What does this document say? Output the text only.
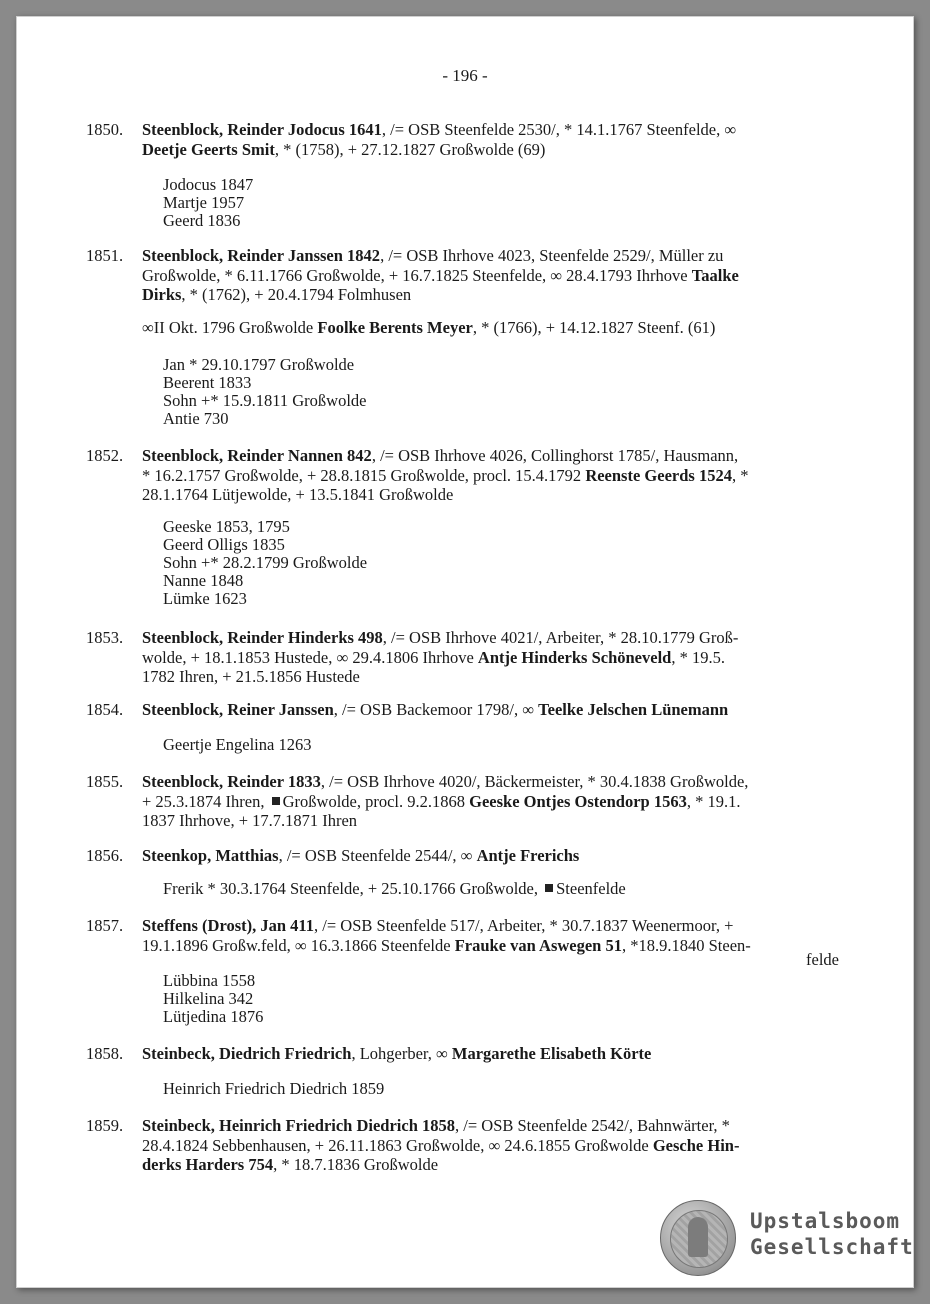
- 196 -
1850.	Steenblock, Reinder Jodocus 1641, /= OSB Steenfelde 2530/, * 14.1.1767 Steenfelde, ∞
Deetje Geerts Smit, * (1758), + 27.12.1827 Großwolde (69)
Jodocus 1847
Martje 1957
Geerd 1836
1851.	Steenblock, Reinder Janssen 1842, /= OSB Ihrhove 4023, Steenfelde 2529/, Müller zu
Großwolde, * 6.11.1766 Großwolde, + 16.7.1825 Steenfelde, ∞ 28.4.1793 Ihrhove Taalke
Dirks, * (1762), + 20.4.1794 Folmhusen
∞II Okt. 1796 Großwolde Foolke Berents Meyer, * (1766), + 14.12.1827 Steenf. (61)
Jan * 29.10.1797 Großwolde
Beerent 1833
Sohn +* 15.9.1811 Großwolde
Antie 730
1852.	Steenblock, Reinder Nannen 842, /= OSB Ihrhove 4026, Collinghorst 1785/, Hausmann,
* 16.2.1757 Großwolde, + 28.8.1815 Großwolde, procl. 15.4.1792 Reenste Geerds 1524, *
28.1.1764 Lütjewolde, + 13.5.1841 Großwolde
Geeske 1853, 1795
Geerd Olligs 1835
Sohn +* 28.2.1799 Großwolde
Nanne 1848
Lümke 1623
1853.	Steenblock, Reinder Hinderks 498, /= OSB Ihrhove 4021/, Arbeiter, * 28.10.1779 Groß-
wolde, + 18.1.1853 Hustede, ∞ 29.4.1806 Ihrhove Antje Hinderks Schöneveld, * 19.5.
1782 Ihren, + 21.5.1856 Hustede
1854.	Steenblock, Reiner Janssen, /= OSB Backemoor 1798/, ∞ Teelke Jelschen Lünemann
Geertje Engelina 1263
1855.	Steenblock, Reinder 1833, /= OSB Ihrhove 4020/, Bäckermeister, * 30.4.1838 Großwolde,
+ 25.3.1874 Ihren, Großwolde, procl. 9.2.1868 Geeske Ontjes Ostendorp 1563, * 19.1.
1837 Ihrhove, + 17.7.1871 Ihren
1856.	Steenkop, Matthias, /= OSB Steenfelde 2544/, ∞ Antje Frerichs
Frerik * 30.3.1764 Steenfelde, + 25.10.1766 Großwolde, Steenfelde
1857.	Steffens (Drost), Jan 411, /= OSB Steenfelde 517/, Arbeiter, * 30.7.1837 Weenermoor, +
19.1.1896 Großw.feld, ∞ 16.3.1866 Steenfelde Frauke van Aswegen 51, *18.9.1840 Steen-
felde
Lübbina 1558
Hilkelina 342
Lütjedina 1876
1858.	Steinbeck, Diedrich Friedrich, Lohgerber, ∞ Margarethe Elisabeth Körte
Heinrich Friedrich Diedrich 1859
1859.	Steinbeck, Heinrich Friedrich Diedrich 1858, /= OSB Steenfelde 2542/, Bahnwärter, *
28.4.1824 Sebbenhausen, + 26.11.1863 Großwolde, ∞ 24.6.1855 Großwolde Gesche Hin-
derks Harders 754, * 18.7.1836 Großwolde
Upstalsboom
Gesellschaft
